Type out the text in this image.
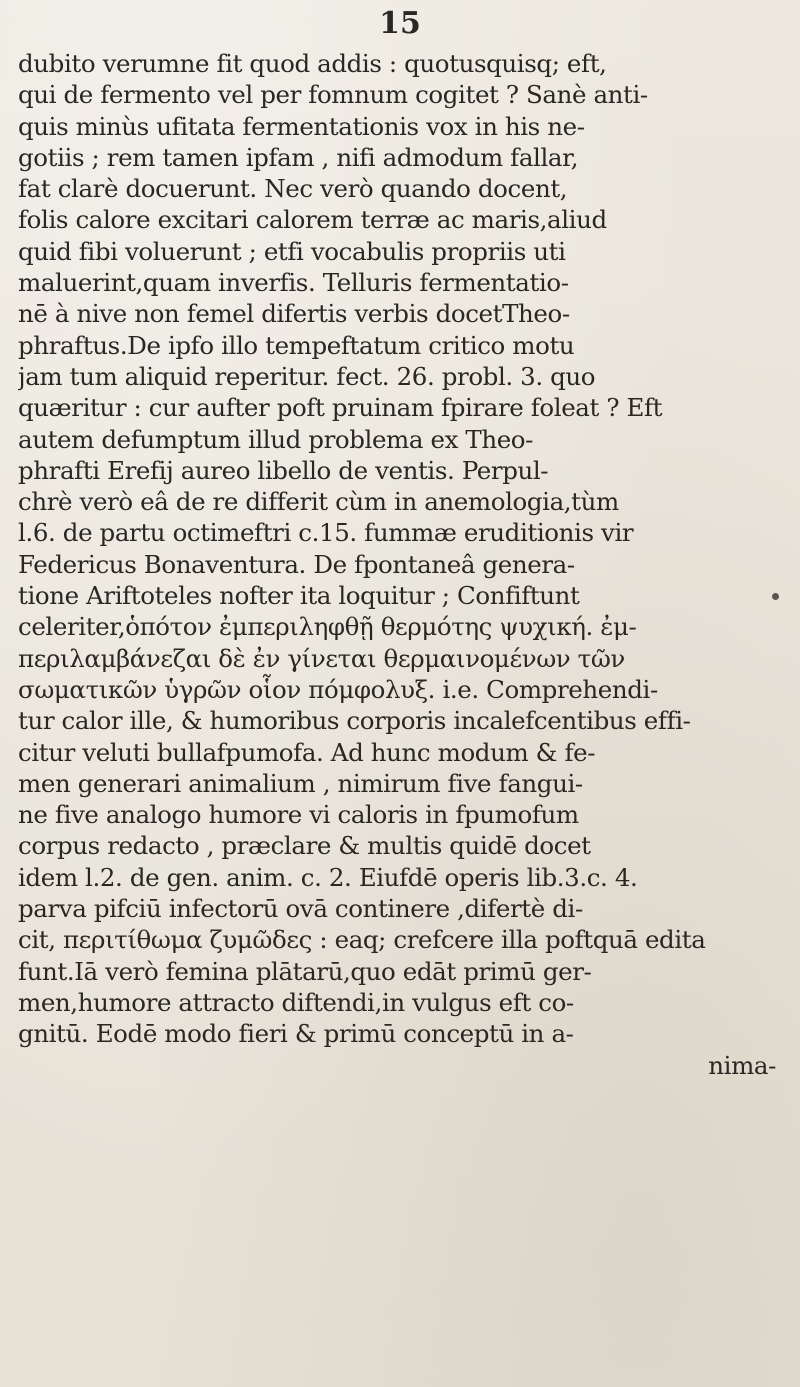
15
dubito verumne fit quod addis : quotusquisq; eft,
qui de fermento vel per fomnum cogitet ? Sanè anti-
quis minùs ufitata fermentationis vox in his ne-
gotiis ; rem tamen ipfam , nifi admodum fallar,
fat clarè docuerunt. Nec verò quando docent,
folis calore excitari calorem terræ ac maris,aliud
quid fibi voluerunt ; etfi vocabulis propriis uti
maluerint,quam inverfis. Telluris fermentatio-
nē à nive non femel difertis verbis docetTheo-
phraftus.De ipfo illo tempeftatum critico motu
jam tum aliquid reperitur. fect. 26. probl. 3. quo
quæritur : cur aufter poft pruinam fpirare foleat ? Eft
autem defumptum illud problema ex Theo-
phrafti Erefij aureo libello de ventis. Perpul-
chrè verò eâ de re differit cùm in anemologia,tùm
l.6. de partu octimeftri c.15. fummæ eruditionis vir
Federicus Bonaventura. De fpontaneâ genera-
tione Ariftoteles nofter ita loquitur ; Confiftunt
celeriter,ὁπότον ἐμπεριληφθῇ θερμότης ψυχική. ἐμ-
περιλαμβάνεζαι δὲ ἐν γίνεται θερμαινομένων τῶν
σωματικῶν ὑγρῶν οἷον πόμφολυξ. i.e. Comprehendi-
tur calor ille, & humoribus corporis incalefcentibus effi-
citur veluti bullafpumofa. Ad hunc modum & fe-
men generari animalium , nimirum five fangui-
ne five analogo humore vi caloris in fpumofum
corpus redacto , præclare & multis quidē docet
idem l.2. de gen. anim. c. 2. Eiufdē operis lib.3.c. 4.
parva pifciū infectorū ovā continere ,difertè di-
cit, περιτίθωμα ζυμῶδες : eaq; crefcere illa poftquā edita
funt.Iā verò femina plātarū,quo edāt primū ger-
men,humore attracto diftendi,in vulgus eft co-
gnitū. Eodē modo fieri & primū conceptū in a-
nima-
